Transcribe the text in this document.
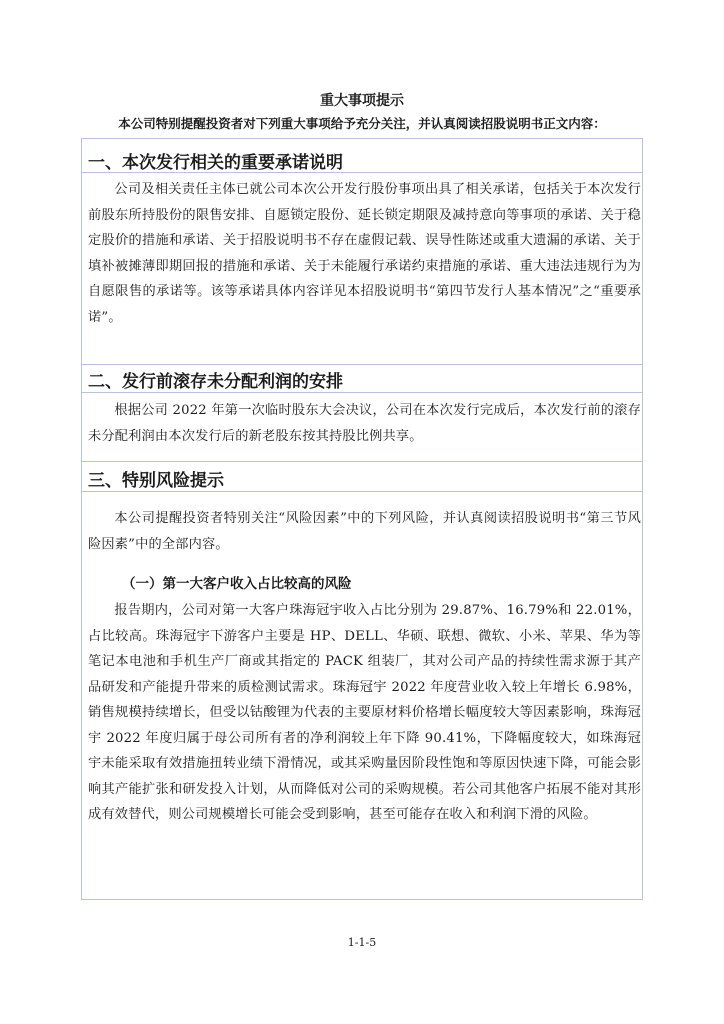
重大事项提示
本公司特别提醒投资者对下列重大事项给予充分关注，并认真阅读招股说明书正文内容：
一、本次发行相关的重要承诺说明
公司及相关责任主体已就公司本次公开发行股份事项出具了相关承诺，包括关于本次发行前股东所持股份的限售安排、自愿锁定股份、延长锁定期限及减持意向等事项的承诺、关于稳定股价的措施和承诺、关于招股说明书不存在虚假记载、误导性陈述或重大遗漏的承诺、关于填补被摊薄即期回报的措施和承诺、关于未能履行承诺约束措施的承诺、重大违法违规行为为自愿限售的承诺等。该等承诺具体内容详见本招股说明书“第四节发行人基本情况”之“重要承诺”。
二、发行前滚存未分配利润的安排
根据公司 2022 年第一次临时股东大会决议，公司在本次发行完成后，本次发行前的滚存未分配利润由本次发行后的新老股东按其持股比例共享。
三、特别风险提示
本公司提醒投资者特别关注“风险因素”中的下列风险，并认真阅读招股说明书“第三节风险因素”中的全部内容。
（一）第一大客户收入占比较高的风险
报告期内，公司对第一大客户珠海冠宇收入占比分别为 29.87%、16.79%和 22.01%，占比较高。珠海冠宇下游客户主要是 HP、DELL、华硕、联想、微软、小米、苹果、华为等笔记本电池和手机生产厂商或其指定的 PACK 组装厂，其对公司产品的持续性需求源于其产品研发和产能提升带来的质检测试需求。珠海冠宇 2022 年度营业收入较上年增长 6.98%，销售规模持续增长，但受以钴酸锂为代表的主要原材料价格增长幅度较大等因素影响，珠海冠宇 2022 年度归属于母公司所有者的净利润较上年下降 90.41%，下降幅度较大，如珠海冠宇未能采取有效措施扭转业绩下滑情况，或其采购量因阶段性饱和等原因快速下降，可能会影响其产能扩张和研发投入计划，从而降低对公司的采购规模。若公司其他客户拓展不能对其形成有效替代，则公司规模增长可能会受到影响，甚至可能存在收入和利润下滑的风险。
1-1-5
